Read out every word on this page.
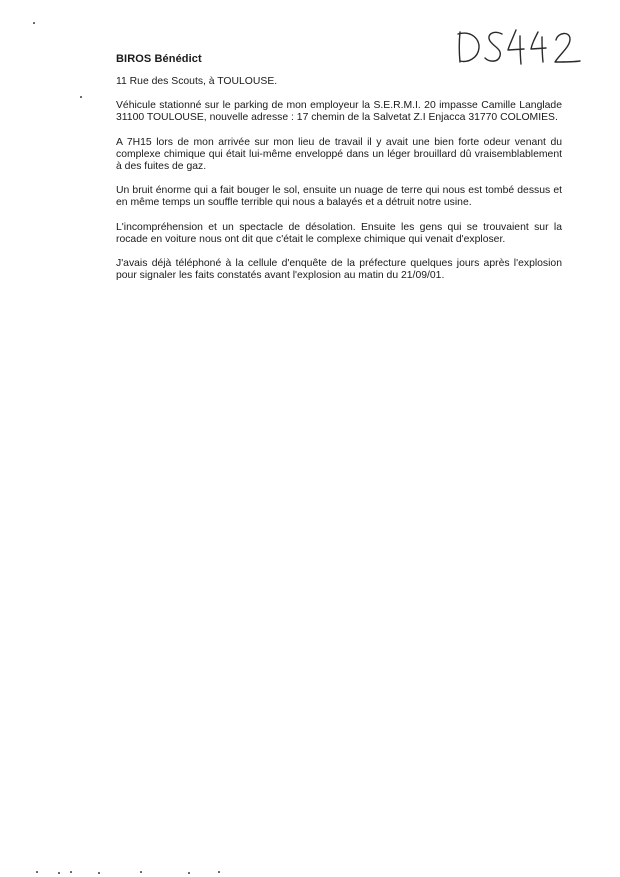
BIROS Bénédict

11 Rue des Scouts, à TOULOUSE.

Véhicule stationné sur le parking de mon employeur la S.E.R.M.I. 20 impasse Camille Langlade 31100 TOULOUSE, nouvelle adresse : 17 chemin de la Salvetat Z.I Enjacca 31770 COLOMIES.

A 7H15 lors de mon arrivée sur mon lieu de travail il y avait une bien forte odeur venant du complexe chimique qui était lui-même enveloppé dans un léger brouillard dû vraisemblablement à des fuites de gaz.

Un bruit énorme qui a fait bouger le sol, ensuite un nuage de terre qui nous est tombé dessus et en même temps un souffle terrible qui nous a balayés et a détruit notre usine.

L'incompréhension et un spectacle de désolation. Ensuite les gens qui se trouvaient sur la rocade en voiture nous ont dit que c'était le complexe chimique qui venait d'exploser.

J'avais déjà téléphoné à la cellule d'enquête de la préfecture quelques jours après l'explosion pour signaler les faits constatés avant l'explosion au matin du 21/09/01.
